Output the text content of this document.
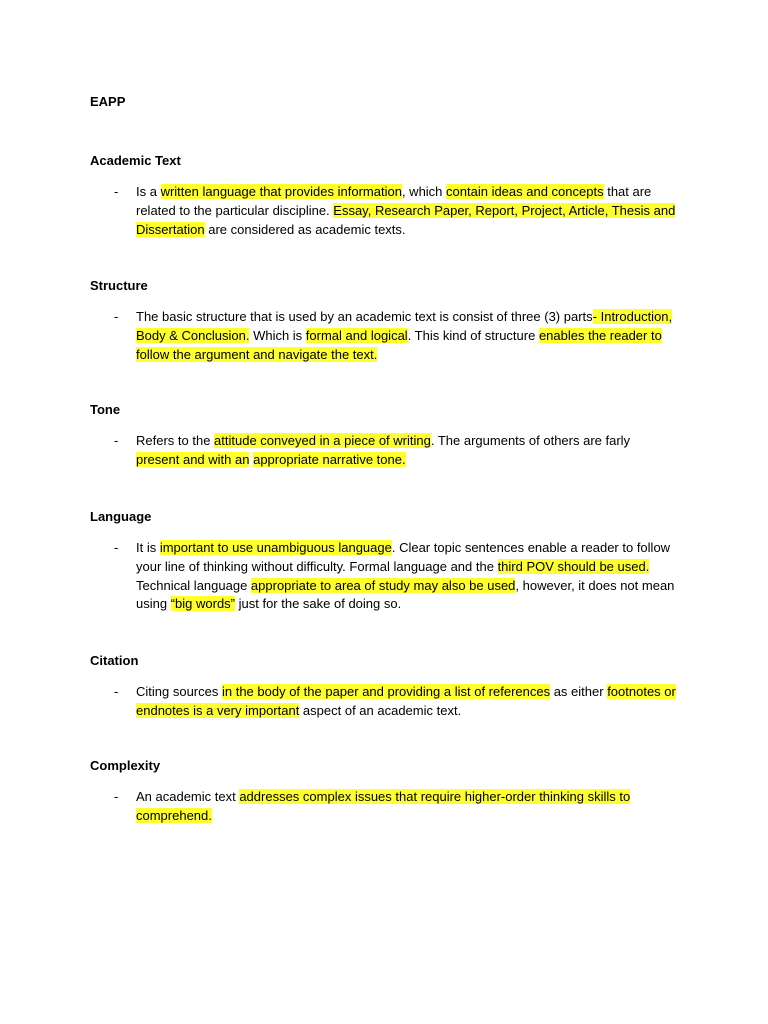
EAPP
Academic Text
- Is a written language that provides information, which contain ideas and concepts that are related to the particular discipline. Essay, Research Paper, Report, Project, Article, Thesis and Dissertation are considered as academic texts.
Structure
- The basic structure that is used by an academic text is consist of three (3) parts- Introduction, Body & Conclusion. Which is formal and logical. This kind of structure enables the reader to follow the argument and navigate the text.
Tone
- Refers to the attitude conveyed in a piece of writing. The arguments of others are farly present and with an appropriate narrative tone.
Language
- It is important to use unambiguous language. Clear topic sentences enable a reader to follow your line of thinking without difficulty. Formal language and the third POV should be used. Technical language appropriate to area of study may also be used, however, it does not mean using “big words” just for the sake of doing so.
Citation
- Citing sources in the body of the paper and providing a list of references as either footnotes or endnotes is a very important aspect of an academic text.
Complexity
- An academic text addresses complex issues that require higher-order thinking skills to comprehend.
